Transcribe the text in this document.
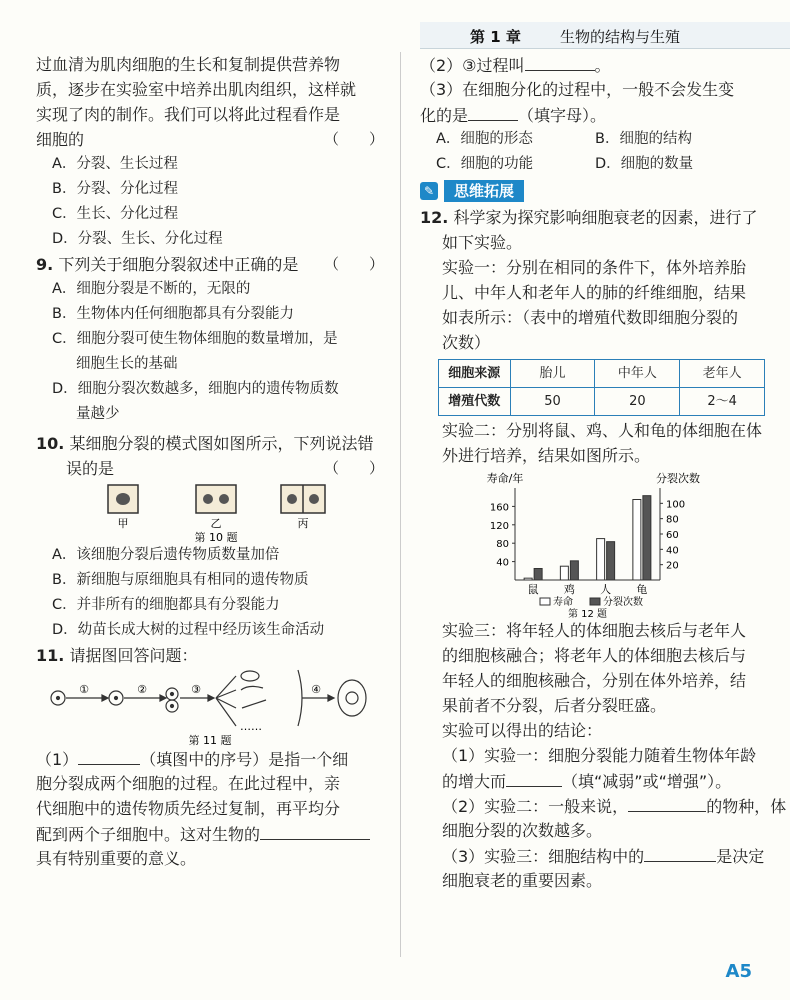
第 1 章	生物的结构与生殖
过血清为肌肉细胞的生长和复制提供营养物
质，逐步在实验室中培养出肌肉组织，这样就
实现了肉的制作。我们可以将此过程看作是
细胞的	（　　）
A．分裂、生长过程
B．分裂、分化过程
C．生长、分化过程
D．分裂、生长、分化过程
9. 下列关于细胞分裂叙述中正确的是 （　　）
A．细胞分裂是不断的，无限的
B．生物体内任何细胞都具有分裂能力
C．细胞分裂可使生物体细胞的数量增加，是
细胞生长的基础
D．细胞分裂次数越多，细胞内的遗传物质数
量越少
10. 某细胞分裂的模式图如图所示，下列说法错
误的是	（　　）
甲	乙	丙
第 10 题
A．该细胞分裂后遗传物质数量加倍
B．新细胞与原细胞具有相同的遗传物质
C．并非所有的细胞都具有分裂能力
D．幼苗长成大树的过程中经历该生命活动
11. 请据图回答问题：
①	②	③	④
……
第 11 题
（1）	（填图中的序号）是指一个细
胞分裂成两个细胞的过程。在此过程中，亲
代细胞中的遗传物质先经过复制，再平均分
配到两个子细胞中。这对生物的
具有特别重要的意义。
（2）③过程叫	。
（3）在细胞分化的过程中，一般不会发生变
化的是	（填字母）。
A．细胞的形态	B．细胞的结构
C．细胞的功能	D．细胞的数量
✎	思维拓展
12. 科学家为探究影响细胞衰老的因素，进行了
如下实验。
实验一：分别在相同的条件下，体外培养胎
儿、中年人和老年人的肺的纤维细胞，结果
如表所示：（表中的增殖代数即细胞分裂的
次数）
细胞来源	胎儿	中年人	老年人
增殖代数	50	20	2～4
实验二：分别将鼠、鸡、人和龟的体细胞在体
外进行培养，结果如图所示。
寿命/年	分裂次数
40
80
120
160
20
40
60
80
100
鼠 鸡 人 龟
寿命	分裂次数
第 12 题
实验三：将年轻人的体细胞去核后与老年人
的细胞核融合；将老年人的体细胞去核后与
年轻人的细胞核融合，分别在体外培养，结
果前者不分裂，后者分裂旺盛。
实验可以得出的结论：
（1）实验一：细胞分裂能力随着生物体年龄
的增大而	（填“减弱”或“增强”）。
（2）实验二：一般来说，	的物种，体
细胞分裂的次数越多。
（3）实验三：细胞结构中的	是决定
细胞衰老的重要因素。
A5
